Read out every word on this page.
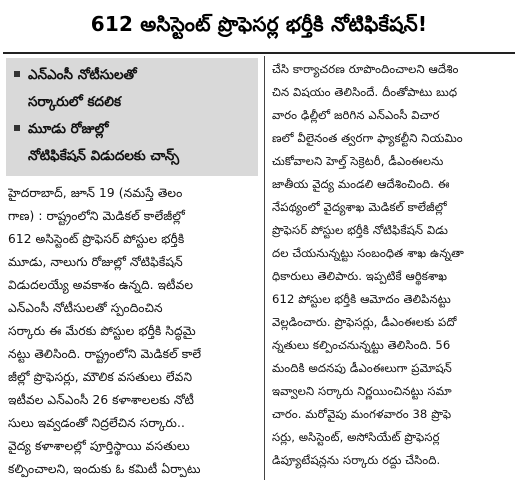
612 అసిస్టెంట్ ప్రొఫెసర్ల భర్తీకి నోటిఫికేషన్!
ఎన్ఎంసీ నోటీసులతో
సర్కారులో కదలిక
మూడు రోజుల్లో
నోటిఫికేషన్ విడుదలకు చాన్స్
హైదరాబాద్, జూన్ 19 (నమస్తే తెలం
గాణ) : రాష్ట్రంలోని మెడికల్ కాలేజీల్లో
612 అసిస్టెంట్ ప్రొఫెసర్ పోస్టుల భర్తీకి
మూడు, నాలుగు రోజుల్లో నోటిఫికేషన్
విడుదలయ్యే అవకాశం ఉన్నది. ఇటీవల
ఎన్ఎంసీ నోటీసులతో స్పందించిన
సర్కారు ఈ మేరకు పోస్టుల భర్తీకి సిద్ధమై
నట్టు తెలిసింది. రాష్ట్రంలోని మెడికల్ కాలే
జీల్లో ప్రొఫెసర్లు, మౌలిక వసతులు లేవని
ఇటీవల ఎన్ఎంసీ 26 కళాశాలలకు నోటీ
సులు ఇవ్వడంతో నిద్రలేచిన సర్కారు..
వైద్య కళాశాలల్లో పూర్తిస్థాయి వసతులు
కల్పించాలని, ఇందుకు ఓ కమిటీ ఏర్పాటు
చేసి కార్యాచరణ రూపొందించాలని ఆదేశిం
చిన విషయం తెలిసిందే. దీంతోపాటు బుధ
వారం ఢిల్లీలో జరిగిన ఎన్ఎంసీ విచార
ణలో వీలైనంత త్వరగా ఫ్యాకల్టీని నియమిం
చుకోవాలని హెల్త్ సెక్రెటరీ, డీఎంఈలను
జాతీయ వైద్య మండలి ఆదేశించింది. ఈ
నేపథ్యంలో వైద్యశాఖ మెడికల్ కాలేజీల్లో
ప్రొఫెసర్ పోస్టుల భర్తీకి నోటిఫికేషన్ విడు
దల చేయనున్నట్టు సంబంధిత శాఖ ఉన్నతా
ధికారులు తెలిపారు. ఇప్పటికే ఆర్థికశాఖ
612 పోస్టుల భర్తీకి ఆమోదం తెలిపినట్టు
వెల్లడించారు. ప్రొఫెసర్లు, డీఎంఈలకు పదో
న్నతులు కల్పించనున్నట్టు తెలిసింది. 56
మందికి అదనపు డీఎంఈలుగా ప్రమోషన్
ఇవ్వాలని సర్కారు నిర్ణయించినట్టు సమా
చారం. మరోవైపు మంగళవారం 38 ప్రొఫె
సర్లు, అసిస్టెంట్, అసోసియేట్ ప్రొఫెసర్ల
డిప్యూటేషన్లను సర్కారు రద్దు చేసింది.
